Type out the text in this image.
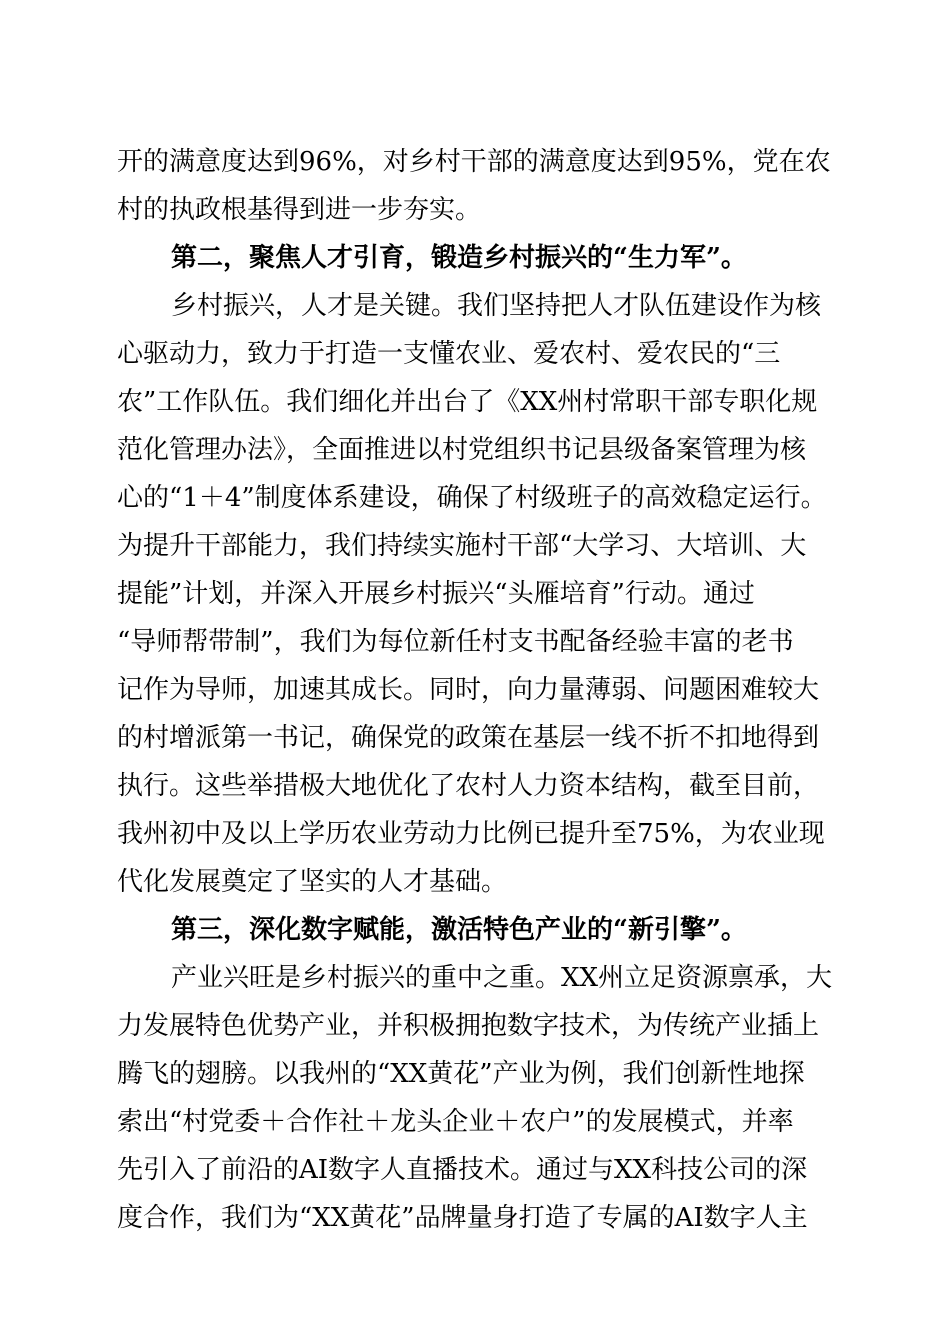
开的满意度达到96%，对乡村干部的满意度达到95%，党在农
村的执政根基得到进一步夯实。
第二，聚焦人才引育，锻造乡村振兴的“生力军”。
乡村振兴，人才是关键。我们坚持把人才队伍建设作为核
心驱动力，致力于打造一支懂农业、爱农村、爱农民的“三
农”工作队伍。我们细化并出台了《XX州村常职干部专职化规
范化管理办法》，全面推进以村党组织书记县级备案管理为核
心的“1＋4”制度体系建设，确保了村级班子的高效稳定运行。
为提升干部能力，我们持续实施村干部“大学习、大培训、大
提能”计划，并深入开展乡村振兴“头雁培育”行动。通过
“导师帮带制”，我们为每位新任村支书配备经验丰富的老书
记作为导师，加速其成长。同时，向力量薄弱、问题困难较大
的村增派第一书记，确保党的政策在基层一线不折不扣地得到
执行。这些举措极大地优化了农村人力资本结构，截至目前，
我州初中及以上学历农业劳动力比例已提升至75%，为农业现
代化发展奠定了坚实的人才基础。
第三，深化数字赋能，激活特色产业的“新引擎”。
产业兴旺是乡村振兴的重中之重。XX州立足资源禀承，大
力发展特色优势产业，并积极拥抱数字技术，为传统产业插上
腾飞的翅膀。以我州的“XX黄花”产业为例，我们创新性地探
索出“村党委＋合作社＋龙头企业＋农户”的发展模式，并率
先引入了前沿的AI数字人直播技术。通过与XX科技公司的深
度合作，我们为“XX黄花”品牌量身打造了专属的AI数字人主
